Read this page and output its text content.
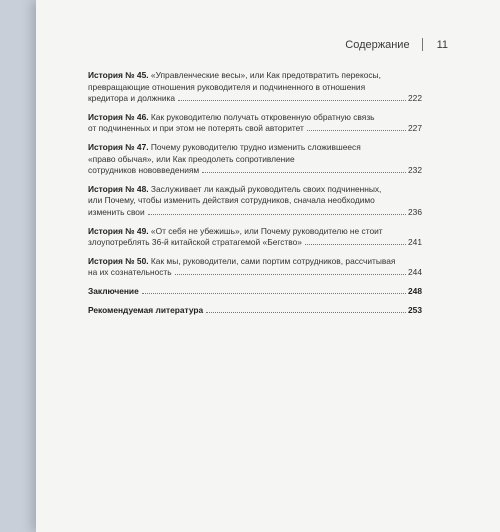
Содержание 11
История № 45. «Управленческие весы», или Как предотвратить перекосы,
превращающие отношения руководителя и подчиненного в отношения
кредитора и должника	222
История № 46. Как руководителю получать откровенную обратную связь
от подчиненных и при этом не потерять свой авторитет	227
История № 47. Почему руководителю трудно изменить сложившееся
«право обычая», или Как преодолеть сопротивление
сотрудников нововведениям	232
История № 48. Заслуживает ли каждый руководитель своих подчиненных,
или Почему, чтобы изменить действия сотрудников, сначала необходимо
изменить свои	236
История № 49. «От себя не убежишь», или Почему руководителю не стоит
злоупотреблять 36-й китайской стратагемой «Бегство»	241
История № 50. Как мы, руководители, сами портим сотрудников, рассчитывая
на их сознательность	244
Заключение	248
Рекомендуемая литература	253
